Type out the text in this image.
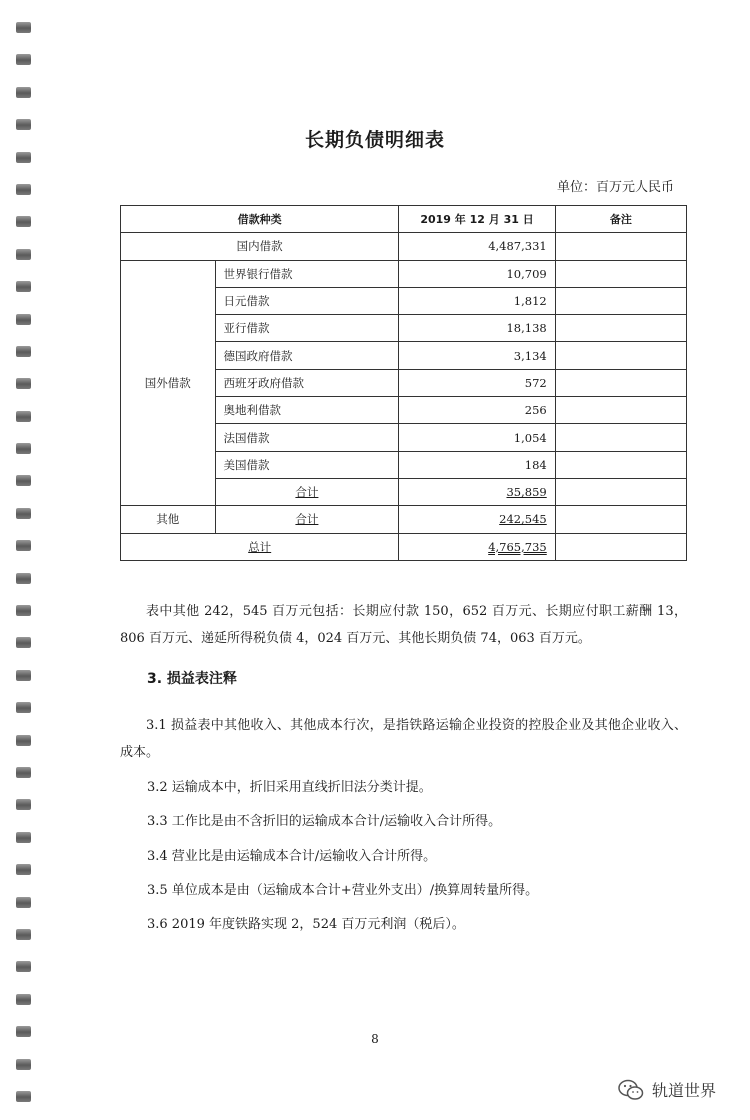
长期负债明细表
单位：百万元人民币
借款种类		2019 年 12 月 31 日	备注
国内借款		4,487,331	
国外借款	世界银行借款	10,709	
	日元借款	1,812	
	亚行借款	18,138	
	德国政府借款	3,134	
	西班牙政府借款	572	
	奥地利借款	256	
	法国借款	1,054	
	美国借款	184	
	合计	35,859	
其他	合计	242,545	
总计		4,765,735	
表中其他 242，545 百万元包括：长期应付款 150，652 百万元、长期应付职工薪酬 13，806 百万元、递延所得税负债 4，024 百万元、其他长期负债 74，063 百万元。
3. 损益表注释
3.1 损益表中其他收入、其他成本行次，是指铁路运输企业投资的控股企业及其他企业收入、成本。
3.2 运输成本中，折旧采用直线折旧法分类计提。
3.3 工作比是由不含折旧的运输成本合计/运输收入合计所得。
3.4 营业比是由运输成本合计/运输收入合计所得。
3.5 单位成本是由（运输成本合计+营业外支出）/换算周转量所得。
3.6 2019 年度铁路实现 2，524 百万元利润（税后）。
8
轨道世界
